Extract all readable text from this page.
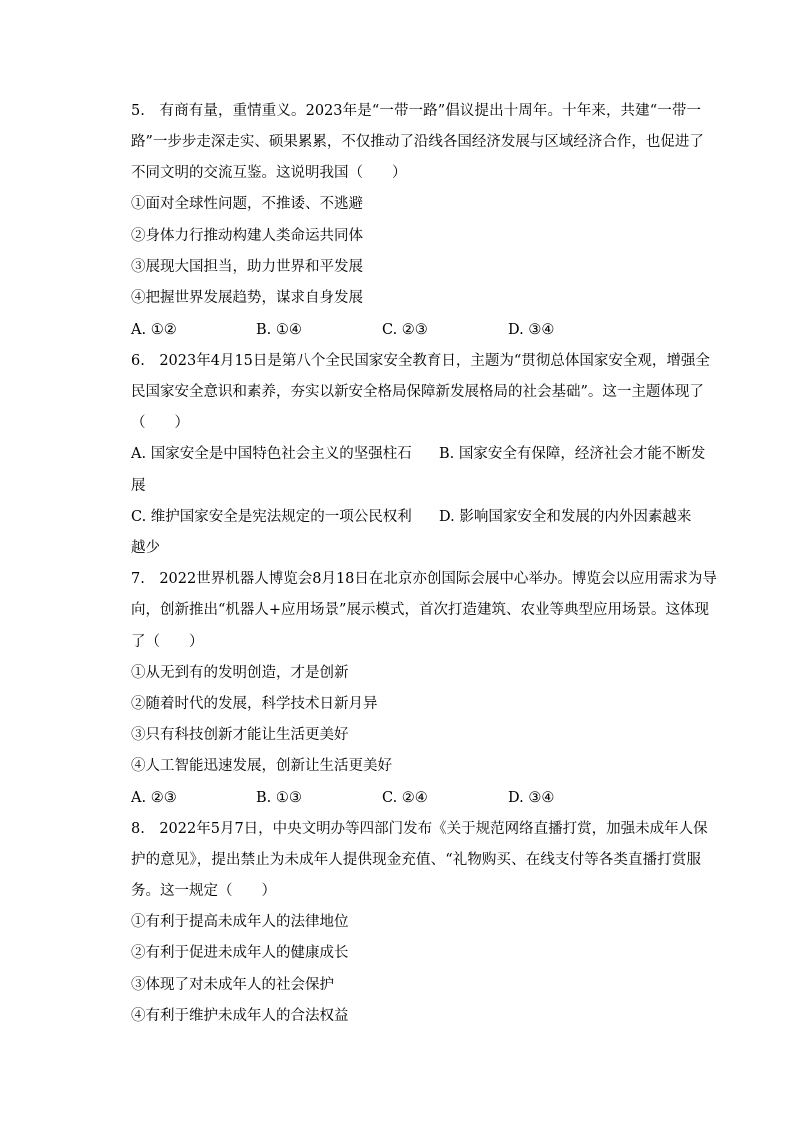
5.　有商有量，重情重义。2023年是“一带一路”倡议提出十周年。十年来，共建“一带一
路”一步步走深走实、硕果累累，不仅推动了沿线各国经济发展与区域经济合作，也促进了
不同文明的交流互鉴。这说明我国（　　）
①面对全球性问题，不推诿、不逃避
②身体力行推动构建人类命运共同体
③展现大国担当，助力世界和平发展
④把握世界发展趋势，谋求自身发展
A. ①②	B. ①④	C. ②③	D. ③④
6.　2023年4月15日是第八个全民国家安全教育日，主题为“贯彻总体国家安全观，增强全
民国家安全意识和素养，夯实以新安全格局保障新发展格局的社会基础”。这一主题体现了
（　　）
A. 国家安全是中国特色社会主义的坚强柱石 B. 国家安全有保障，经济社会才能不断发
展
C. 维护国家安全是宪法规定的一项公民权利 D. 影响国家安全和发展的内外因素越来
越少
7.　2022世界机器人博览会8月18日在北京亦创国际会展中心举办。博览会以应用需求为导
向，创新推出“机器人+应用场景”展示模式，首次打造建筑、农业等典型应用场景。这体现
了（　　）
①从无到有的发明创造，才是创新
②随着时代的发展，科学技术日新月异
③只有科技创新才能让生活更美好
④人工智能迅速发展，创新让生活更美好
A. ②③	B. ①③	C. ②④	D. ③④
8.　2022年5月7日，中央文明办等四部门发布《关于规范网络直播打赏，加强未成年人保
护的意见》，提出禁止为未成年人提供现金充值、“礼物购买、在线支付等各类直播打赏服
务。这一规定（　　）
①有利于提高未成年人的法律地位
②有利于促进未成年人的健康成长
③体现了对未成年人的社会保护
④有利于维护未成年人的合法权益
